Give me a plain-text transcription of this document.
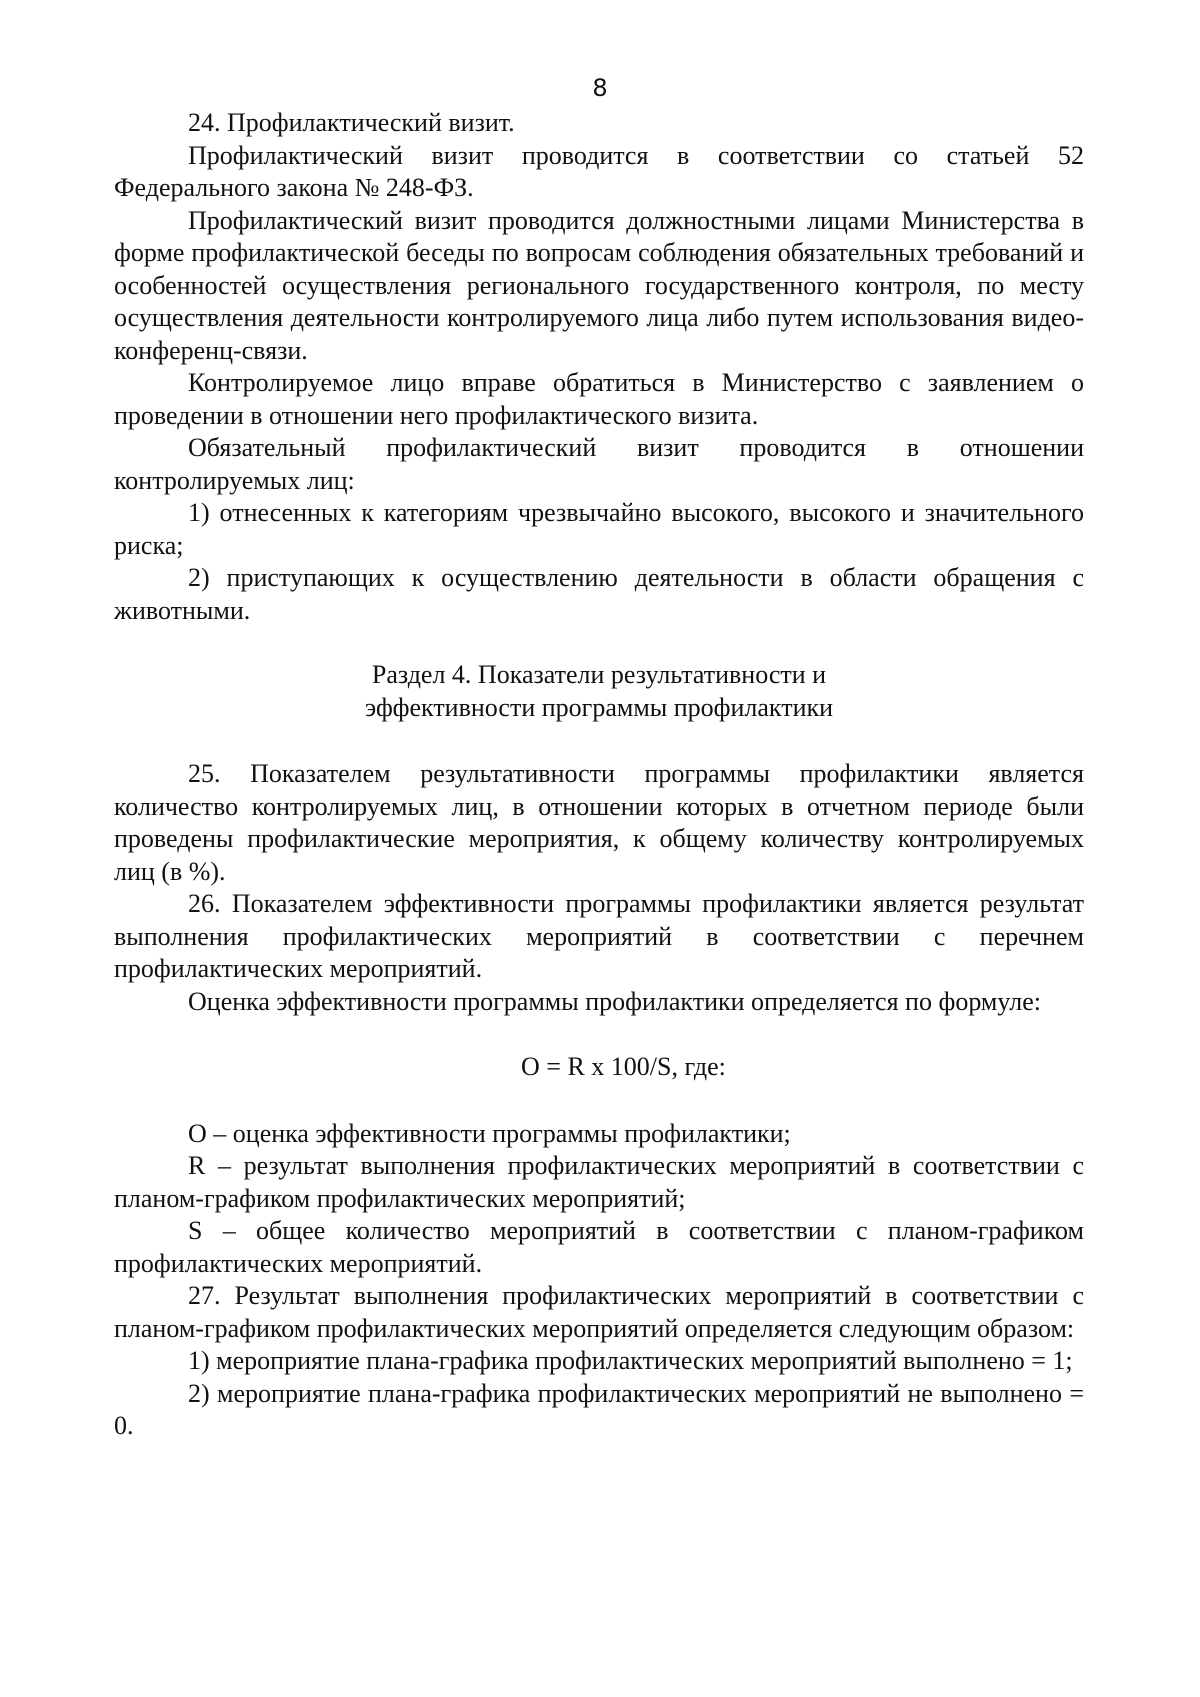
8

24. Профилактический визит.

Профилактический визит проводится в соответствии со статьей 52 Федерального закона № 248-ФЗ.

Профилактический визит проводится должностными лицами Министерства в форме профилактической беседы по вопросам соблюдения обязательных требований и особенностей осуществления регионального государственного контроля, по месту осуществления деятельности контролируемого лица либо путем использования видео-конференц-связи.

Контролируемое лицо вправе обратиться в Министерство с заявлением о проведении в отношении него профилактического визита.

Обязательный профилактический визит проводится в отношении контролируемых лиц:

1) отнесенных к категориям чрезвычайно высокого, высокого и значительного риска;

2) приступающих к осуществлению деятельности в области обращения с животными.

Раздел 4. Показатели результативности и
эффективности программы профилактики

25. Показателем результативности программы профилактики является количество контролируемых лиц, в отношении которых в отчетном периоде были проведены профилактические мероприятия, к общему количеству контролируемых лиц (в %).

26. Показателем эффективности программы профилактики является результат выполнения профилактических мероприятий в соответствии с перечнем профилактических мероприятий.

Оценка эффективности программы профилактики определяется по формуле:

O = R x 100/S, где:

O – оценка эффективности программы профилактики;

R – результат выполнения профилактических мероприятий в соответствии с планом-графиком профилактических мероприятий;

S – общее количество мероприятий в соответствии с планом-графиком профилактических мероприятий.

27. Результат выполнения профилактических мероприятий в соответствии с планом-графиком профилактических мероприятий определяется следующим образом:

1) мероприятие плана-графика профилактических мероприятий выполнено = 1;

2) мероприятие плана-графика профилактических мероприятий не выполнено = 0.
